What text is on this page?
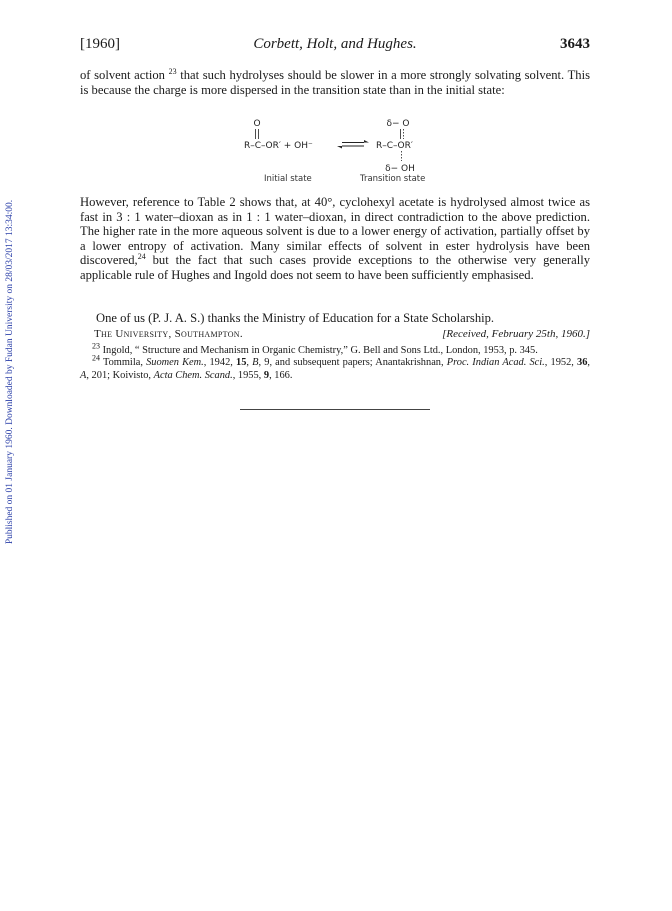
Published on 01 January 1960. Downloaded by Fudan University on 28/03/2017 13:34:00.
[1960]	Corbett, Holt, and Hughes.	3643

of solvent action $^{23}$ that such hydrolyses should be slower in a more strongly solvating solvent. This is because the charge is more dispersed in the transition state than in the initial state:

O
R–C–OR′ + OH⁻
δ− O
R–C–OR′
δ− OH
Initial state	Transition state

However, reference to Table 2 shows that, at 40°, cyclohexyl acetate is hydrolysed almost twice as fast in 3 : 1 water–dioxan as in 1 : 1 water–dioxan, in direct contradiction to the above prediction. The higher rate in the more aqueous solvent is due to a lower energy of activation, partially offset by a lower entropy of activation. Many similar effects of solvent in ester hydrolysis have been discovered,$^{24}$ but the fact that such cases provide exceptions to the otherwise very generally applicable rule of Hughes and Ingold does not seem to have been sufficiently emphasised.

One of us (P. J. A. S.) thanks the Ministry of Education for a State Scholarship.

The University, Southampton.	[Received, February 25th, 1960.]

$^{23}$ Ingold, “ Structure and Mechanism in Organic Chemistry,” G. Bell and Sons Ltd., London, 1953, p. 345.

$^{24}$ Tommila, Suomen Kem., 1942, 15, B, 9, and subsequent papers; Anantakrishnan, Proc. Indian Acad. Sci., 1952, 36, A, 201; Koivisto, Acta Chem. Scand., 1955, 9, 166.
